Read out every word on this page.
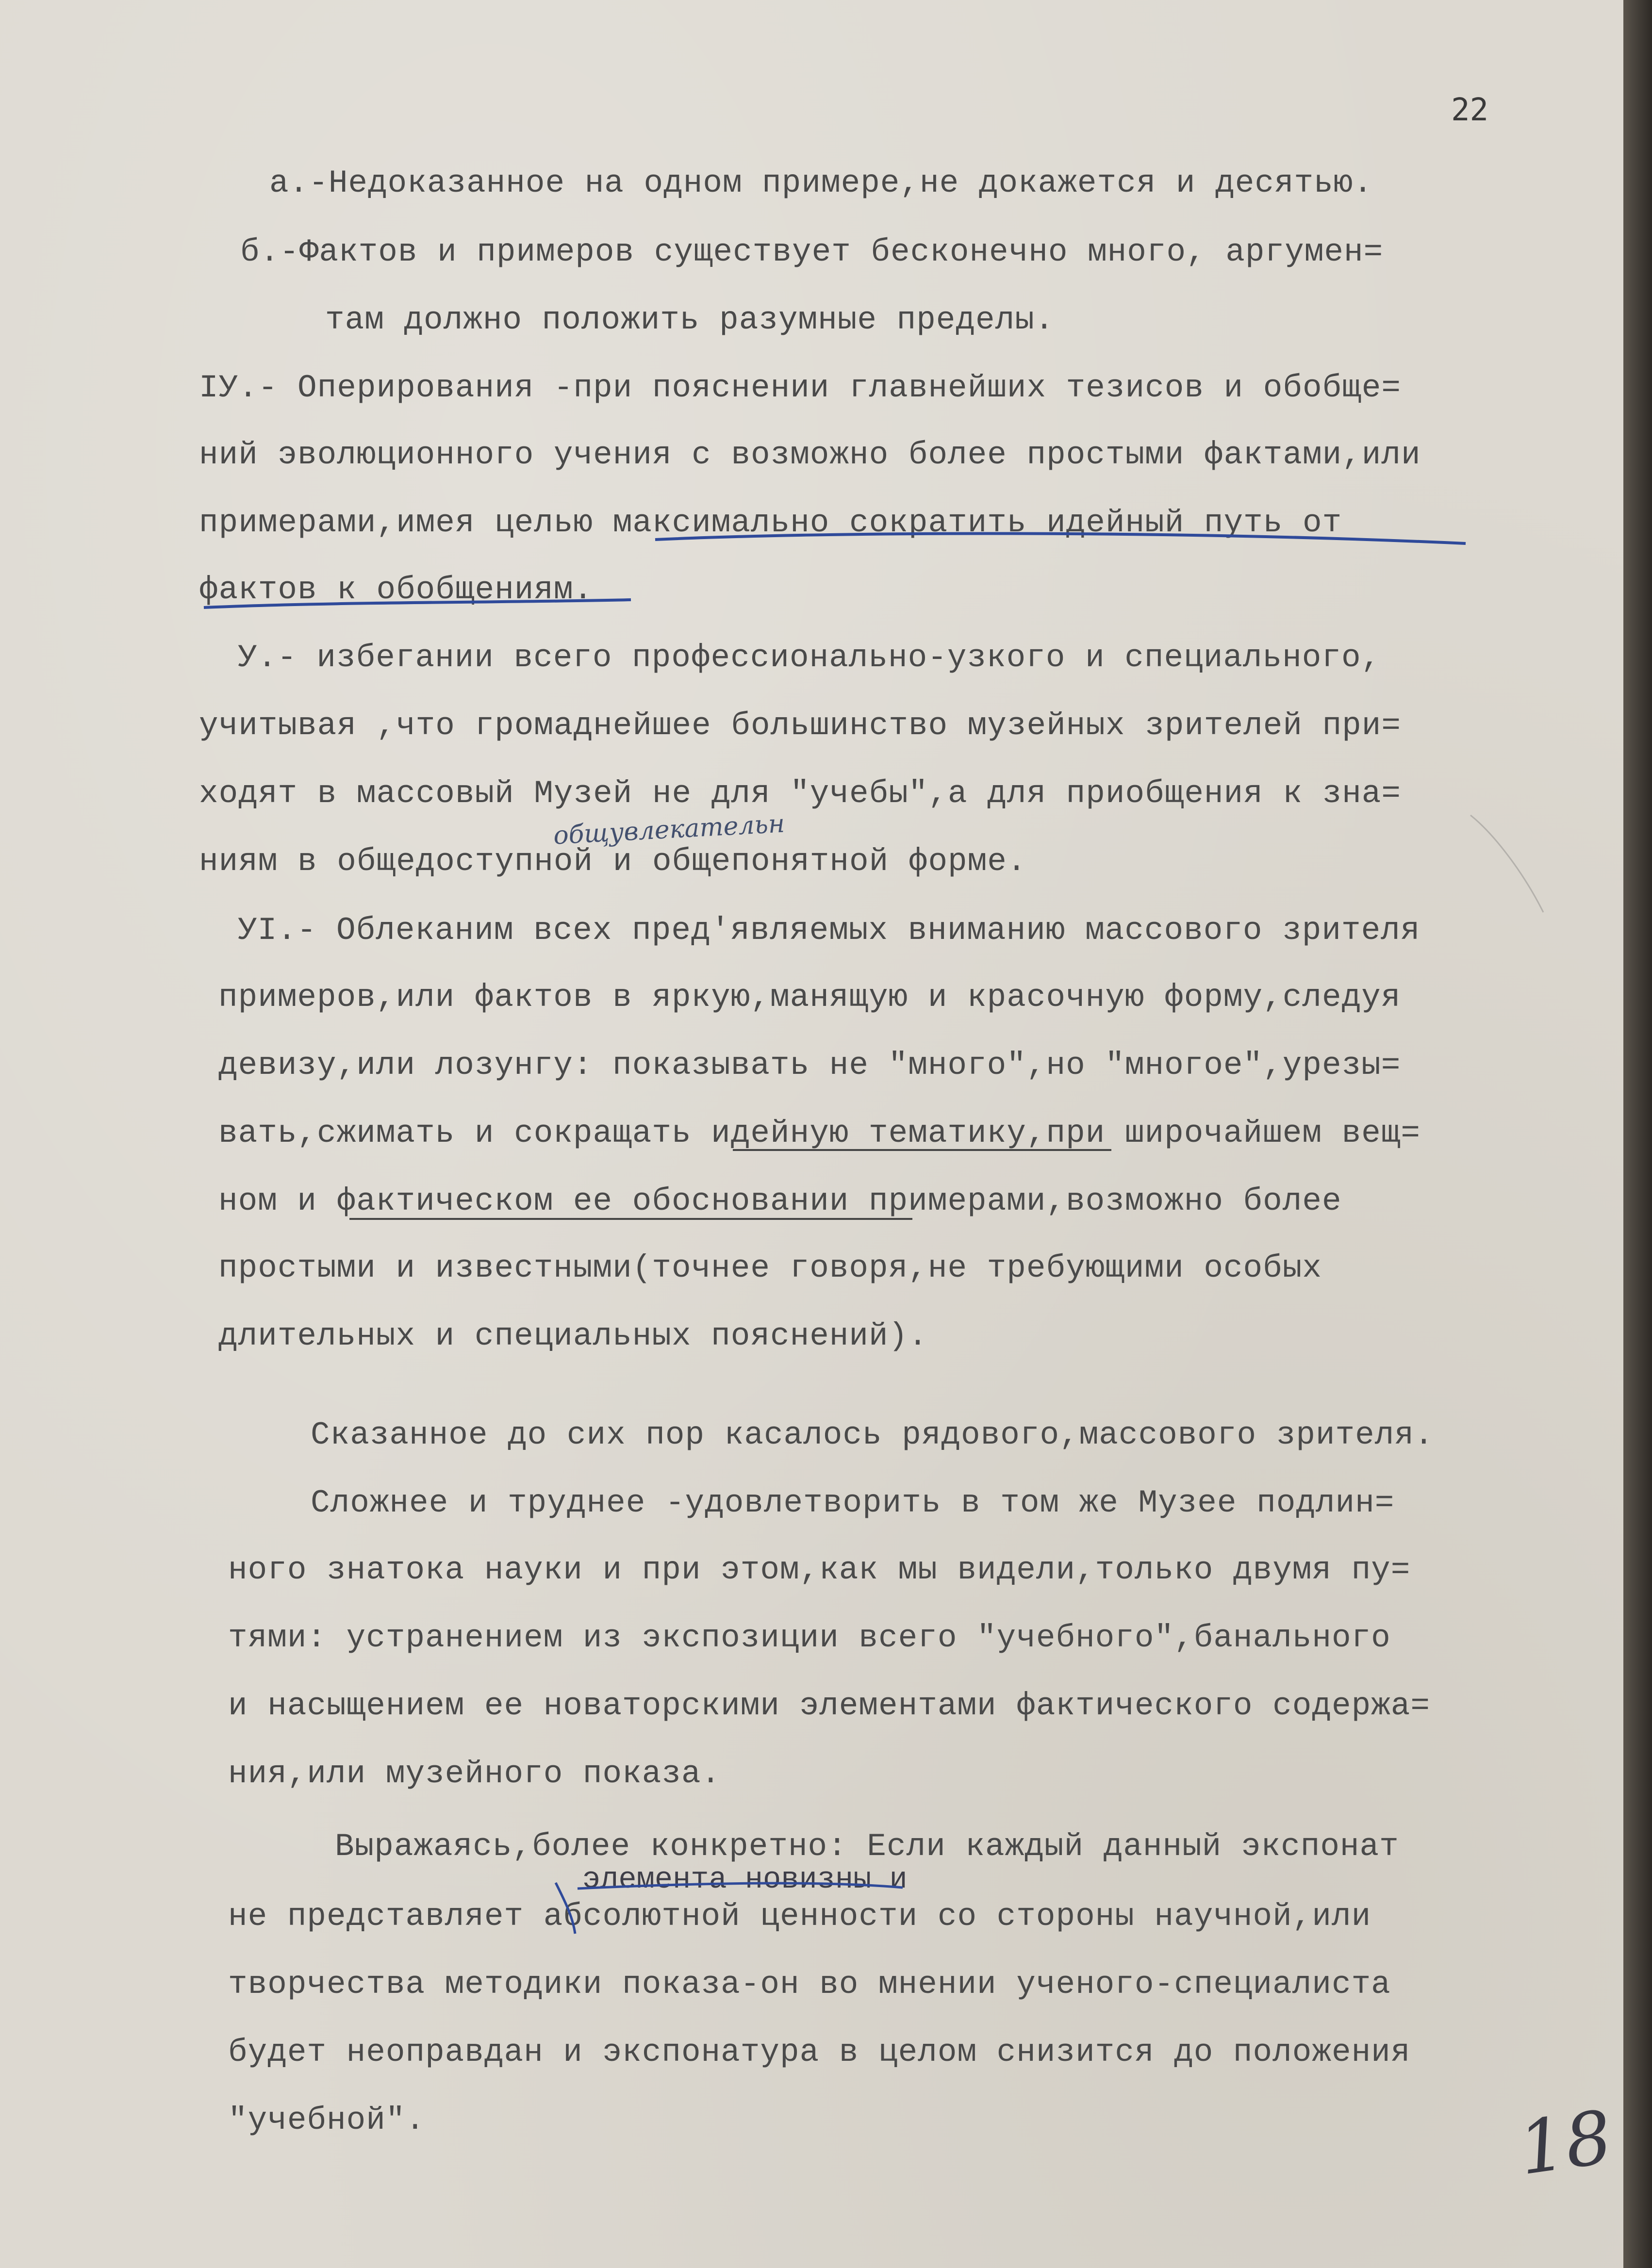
22
а.-Недоказанное на одном примере,не докажется и десятью.
б.-Фактов и примеров существует бесконечно много, аргумен=
там должно положить разумные пределы.
IУ.- Оперирования -при пояснении главнейших тезисов и обобще=
ний эволюционного учения с возможно более простыми фактами,или
примерами,имея целью максимально сократить идейный путь от
фактов к обобщениям.
У.- избегании всего профессионально-узкого и специального,
учитывая ,что громаднейшее большинство музейных зрителей при=
ходят в массовый Музей не для "учебы",а для приобщения к зна=
ниям в общедоступной и общепонятной форме.
УI.- Облеканим всех пред'являемых вниманию массового зрителя
примеров,или фактов в яркую,манящую и красочную форму,следуя
девизу,или лозунгу: показывать не "много",но "многое",урезы=
вать,сжимать и сокращать идейную тематику,при широчайшем вещ=
ном и фактическом ее обосновании примерами,возможно более
простыми и известными(точнее говоря,не требующими особых
длительных и специальных пояснений).
Сказанное до сих пор касалось рядового,массового зрителя.
Сложнее и труднее -удовлетворить в том же Музее подлин=
ного знатока науки и при этом,как мы видели,только двумя пу=
тями: устранением из экспозиции всего "учебного",банального
и насыщением ее новаторскими элементами фактического содержа=
ния,или музейного показа.
Выражаясь,более конкретно: Если каждый данный экспонат
не представляет абсолютной ценности со стороны научной,или
творчества методики показа-он во мнении ученого-специалиста
будет неоправдан и экспонатура в целом снизится до положения
"учебной".
общувлекательн
элемента новизны и
18
